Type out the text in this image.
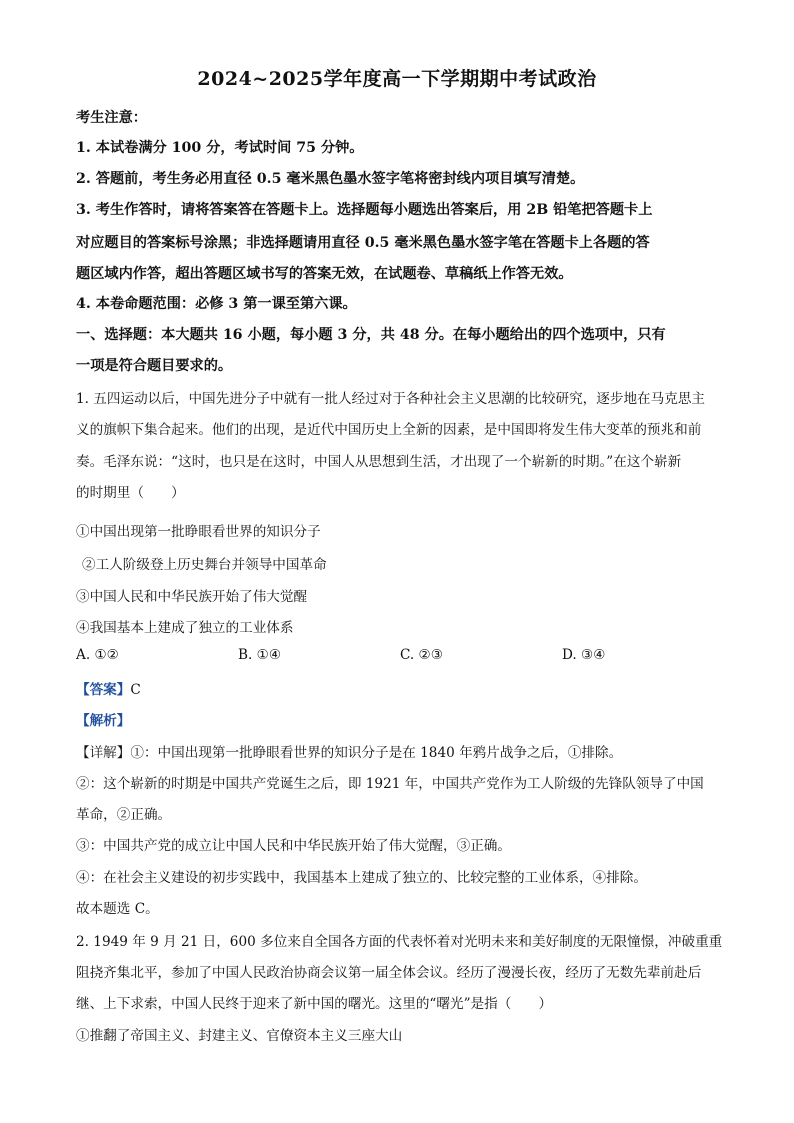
2024~2025学年度高一下学期期中考试政治
考生注意：
1. 本试卷满分 100 分，考试时间 75 分钟。
2. 答题前，考生务必用直径 0.5 毫米黑色墨水签字笔将密封线内项目填写清楚。
3. 考生作答时，请将答案答在答题卡上。选择题每小题选出答案后，用 2B 铅笔把答题卡上
对应题目的答案标号涂黑；非选择题请用直径 0.5 毫米黑色墨水签字笔在答题卡上各题的答
题区域内作答，超出答题区域书写的答案无效，在试题卷、草稿纸上作答无效。
4. 本卷命题范围：必修 3 第一课至第六课。
一、选择题：本大题共 16 小题，每小题 3 分，共 48 分。在每小题给出的四个选项中，只有
一项是符合题目要求的。
1. 五四运动以后，中国先进分子中就有一批人经过对于各种社会主义思潮的比较研究，逐步地在马克思主
义的旗帜下集合起来。他们的出现，是近代中国历史上全新的因素，是中国即将发生伟大变革的预兆和前
奏。毛泽东说：“这时，也只是在这时，中国人从思想到生活，才出现了一个崭新的时期。”在这个崭新
的时期里（　　）
①中国出现第一批睁眼看世界的知识分子
②工人阶级登上历史舞台并领导中国革命
③中国人民和中华民族开始了伟大觉醒
④我国基本上建成了独立的工业体系
A. ①②	B. ①④	C. ②③	D. ③④
【答案】C
【解析】
【详解】①：中国出现第一批睁眼看世界的知识分子是在 1840 年鸦片战争之后，①排除。
②：这个崭新的时期是中国共产党诞生之后，即 1921 年，中国共产党作为工人阶级的先锋队领导了中国
革命，②正确。
③：中国共产党的成立让中国人民和中华民族开始了伟大觉醒，③正确。
④：在社会主义建设的初步实践中，我国基本上建成了独立的、比较完整的工业体系，④排除。
故本题选 C。
2. 1949 年 9 月 21 日，600 多位来自全国各方面的代表怀着对光明未来和美好制度的无限憧憬，冲破重重
阻挠齐集北平，参加了中国人民政治协商会议第一届全体会议。经历了漫漫长夜，经历了无数先辈前赴后
继、上下求索，中国人民终于迎来了新中国的曙光。这里的“曙光”是指（　　）
①推翻了帝国主义、封建主义、官僚资本主义三座大山
